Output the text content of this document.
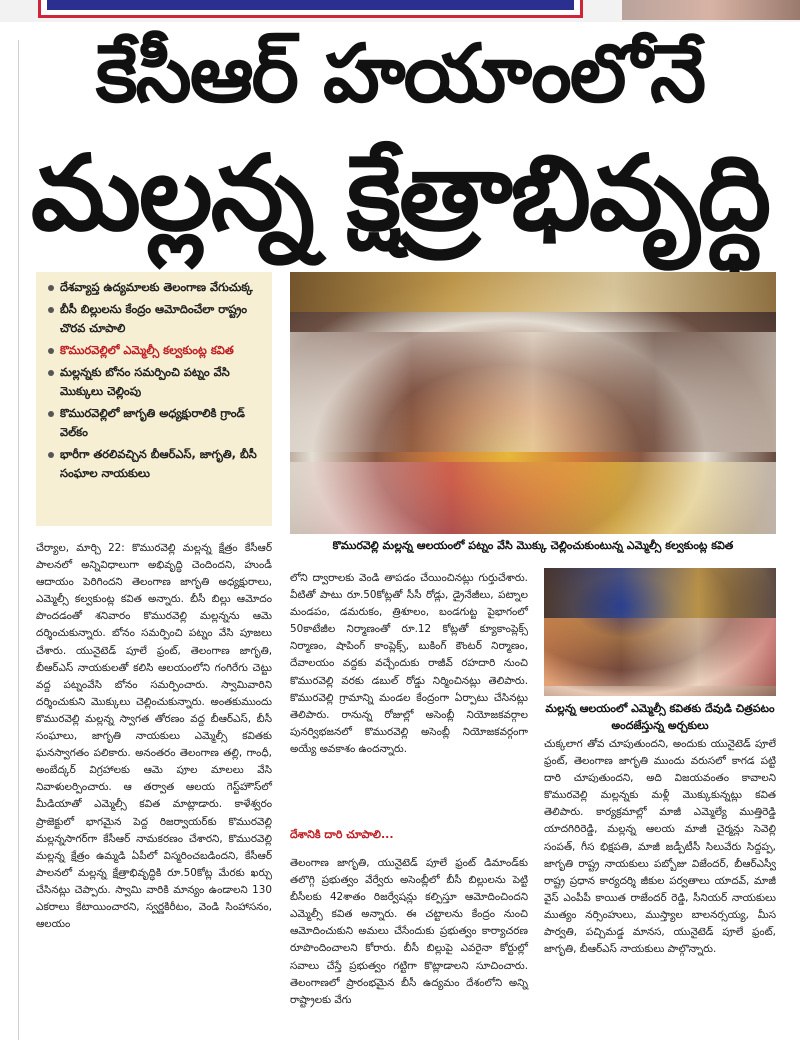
కేసీఆర్ హయాంలోనే
మల్లన్న క్షేత్రాభివృద్ధి
దేశవ్యాప్త ఉద్యమాలకు తెలంగాణ వేగుచుక్క
బీసీ బిల్లులను కేంద్రం ఆమోదించేలా రాష్ట్రం చొరవ చూపాలి
కొమురవెల్లిలో ఎమ్మెల్సీ కల్వకుంట్ల కవిత
మల్లన్నకు బోనం సమర్పించి పట్నం వేసి మొక్కులు చెల్లింపు
కొమురవెల్లిలో జాగృతి అధ్యక్షురాలికి గ్రాండ్ వెల్‌కం
భారీగా తరలివచ్చిన బీఆర్ఎస్, జాగృతి, బీసీ సంఘాల నాయకులు
కొమురవెల్లి మల్లన్న ఆలయంలో పట్నం వేసి మొక్కు చెల్లించుకుంటున్న ఎమ్మెల్సీ కల్వకుంట్ల కవిత
మల్లన్న ఆలయంలో ఎమ్మెల్సీ కవితకు దేవుడి చిత్రపటం అందజేస్తున్న అర్చకులు

చేర్యాల, మార్చి 22: కొమురవెల్లి మల్లన్న క్షేత్రం కేసీఆర్ పాలనలో అన్నివిధాలుగా అభివృద్ధి చెందిందని, హుండీ ఆదాయం పెరిగిందని తెలంగాణ జాగృతి అధ్యక్షురాలు, ఎమ్మెల్సీ కల్వకుంట్ల కవిత అన్నారు. బీసీ బిల్లు ఆమోదం పొందడంతో శనివారం కొమురవెల్లి మల్లన్నను ఆమె దర్శించుకున్నారు. బోనం సమర్పించి పట్నం వేసి పూజలు చేశారు. యునైటెడ్ పూలే ఫ్రంట్, తెలంగాణ జాగృతి, బీఆర్ఎస్ నాయకులతో కలిసి ఆలయంలోని గంగిరేగు చెట్టు వద్ద పట్నంవేసి బోనం సమర్పించారు. స్వామివారిని దర్శించుకుని మొక్కులు చెల్లించుకున్నారు. అంతకుముందు కొమురవెల్లి మల్లన్న స్వాగత తోరణం వద్ద బీఆర్ఎస్, బీసీ సంఘాలు, జాగృతి నాయకులు ఎమ్మెల్సీ కవితకు ఘనస్వాగతం పలికారు. అనంతరం తెలంగాణ తల్లి, గాంధీ, అంబేద్కర్ విగ్రహాలకు ఆమె పూల మాలలు వేసి నివాళులర్పించారు. ఆ తర్వాత ఆలయ గెస్ట్‌హౌస్‌లో మీడియాతో ఎమ్మెల్సీ కవిత మాట్లాడారు. కాళేశ్వరం ప్రాజెక్టులో భాగమైన పెద్ద రిజర్వాయర్‌కు కొమురవెల్లి మల్లన్నసాగర్‌గా కేసీఆర్ నామకరణం చేశారని, కొమురవెల్లి మల్లన్న క్షేత్రం ఉమ్మడి ఏపీలో విస్మరించబడిందని, కేసీఆర్ పాలనలో మల్లన్న క్షేత్రాభివృద్ధికి రూ.50కోట్ల మేరకు ఖర్చు చేసినట్లు చెప్పారు. స్వామి వారికి మాన్యం ఉండాలని 130 ఎకరాలు కేటాయించారని, స్వర్ణకిరీటం, వెండి సింహాసనం, ఆలయం

లోని ద్వారాలకు వెండి తాపడం చేయించినట్లు గుర్తుచేశారు. వీటితో పాటు రూ.50కోట్లతో సీసీ రోడ్లు, డ్రైనేజీలు, పట్నాల మండపం, డమరుకం, త్రిశూలం, బండగుట్ట పైభాగంలో 50కాటేజీల నిర్మాణంతో రూ.12 కోట్లతో క్యూకాంప్లెక్స్ నిర్మాణం, షాపింగ్ కాంప్లెక్స్, బుకింగ్ కౌంటర్ నిర్మాణం, దేవాలయం వద్దకు వచ్చేందుకు రాజీవ్ రహదారి నుంచి కొమురవెల్లి వరకు డబుల్ రోడ్డు నిర్మించినట్లు తెలిపారు. కొమురవెల్లి గ్రామాన్ని మండల కేంద్రంగా ఏర్పాటు చేసినట్లు తెలిపారు. రానున్న రోజుల్లో అసెంబ్లీ నియోజకవర్గాల పునర్విభజనలో కొమురవెల్లి అసెంబ్లీ నియోజకవర్గంగా అయ్యే అవకాశం ఉందన్నారు.

దేశానికి దారి చూపాలి...

తెలంగాణ జాగృతి, యునైటెడ్ పూలే ఫ్రంట్ డిమాండ్‌కు తలొగ్గి ప్రభుత్వం వేర్వేరు అసెంబ్లీలో బీసీ బిల్లులను పెట్టి బీసీలకు 42శాతం రిజర్వేషన్లు కల్పిస్తూ ఆమోదించిందని ఎమ్మెల్సీ కవిత అన్నారు. ఈ చట్టాలను కేంద్రం నుంచి ఆమోదించుకుని అమలు చేసేందుకు ప్రభుత్వం కార్యాచరణ రూపొందించాలని కోరారు. బీసీ బిల్లుపై ఎవరైనా కోర్టుల్లో సవాలు చేస్తే ప్రభుత్వం గట్టిగా కొట్లాడాలని సూచించారు. తెలంగాణలో ప్రారంభమైన బీసీ ఉద్యమం దేశంలోని అన్ని రాష్ట్రాలకు వేగు

చుక్కలాగ తోవ చూపుతుందని, అందుకు యునైటెడ్ పూలే ఫ్రంట్, తెలంగాణ జాగృతి ముందు వరుసలో కాగడ పట్టి దారి చూపుతుందని, అది విజయవంతం కావాలని కొమురవెల్లి మల్లన్నకు మళ్లీ మొక్కుకున్నట్లు కవిత తెలిపారు. కార్యక్రమాల్లో మాజీ ఎమ్మెల్యే ముత్తిరెడ్డి యాదగిరిరెడ్డి, మల్లన్న ఆలయ మాజీ చైర్మన్లు సెవెల్లి సంపత్, గీస భిక్షపతి, మాజీ జడ్పీటీసీ సిలువేరు సిద్దప్ప, జాగృతి రాష్ట్ర నాయకులు పబ్బోజు విజేందర్, బీఆర్ఎస్వీ రాష్ట్ర ప్రధాన కార్యదర్శి జీకుల పర్వతాలు యాదవ్, మాజీ వైస్ ఎంపీపీ కాయిత రాజేందర్ రెడ్డి, సీనియర్ నాయకులు ముత్యం నర్సింహులు, ముస్త్యాల బాలనర్సయ్య, మీస పార్వతి, పచ్చిమడ్డ మానస, యునైటెడ్ పూలే ఫ్రంట్, జాగృతి, బీఆర్ఎస్ నాయకులు పాల్గొన్నారు.
